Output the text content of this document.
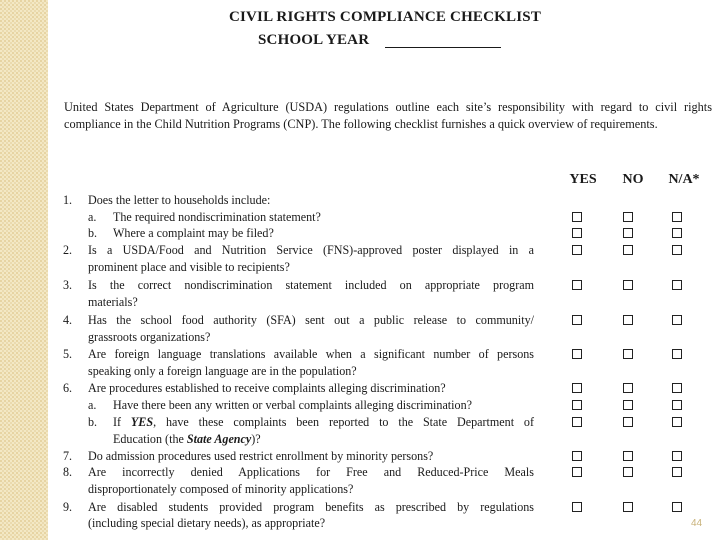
CIVIL RIGHTS COMPLIANCE CHECKLIST
SCHOOL YEAR
United States Department of Agriculture (USDA) regulations outline each site’s responsibility with regard to civil rights compliance in the Child Nutrition Programs (CNP). The following checklist furnishes a quick overview of requirements.
YES	NO	N/A*
1. Does the letter to households include:
a. The required nondiscrimination statement?
b. Where a complaint may be filed?
2. Is a USDA/Food and Nutrition Service (FNS)-approved poster displayed in a
prominent place and visible to recipients?
3. Is the correct nondiscrimination statement included on appropriate program
materials?
4. Has the school food authority (SFA) sent out a public release to community/
grassroots organizations?
5. Are foreign language translations available when a significant number of persons
speaking only a foreign language are in the population?
6. Are procedures established to receive complaints alleging discrimination?
a. Have there been any written or verbal complaints alleging discrimination?
b. If YES, have these complaints been reported to the State Department of
Education (the State Agency)?
7. Do admission procedures used restrict enrollment by minority persons?
8. Are incorrectly denied Applications for Free and Reduced-Price Meals
disproportionately composed of minority applications?
9. Are disabled students provided program benefits as prescribed by regulations
(including special dietary needs), as appropriate?	44
